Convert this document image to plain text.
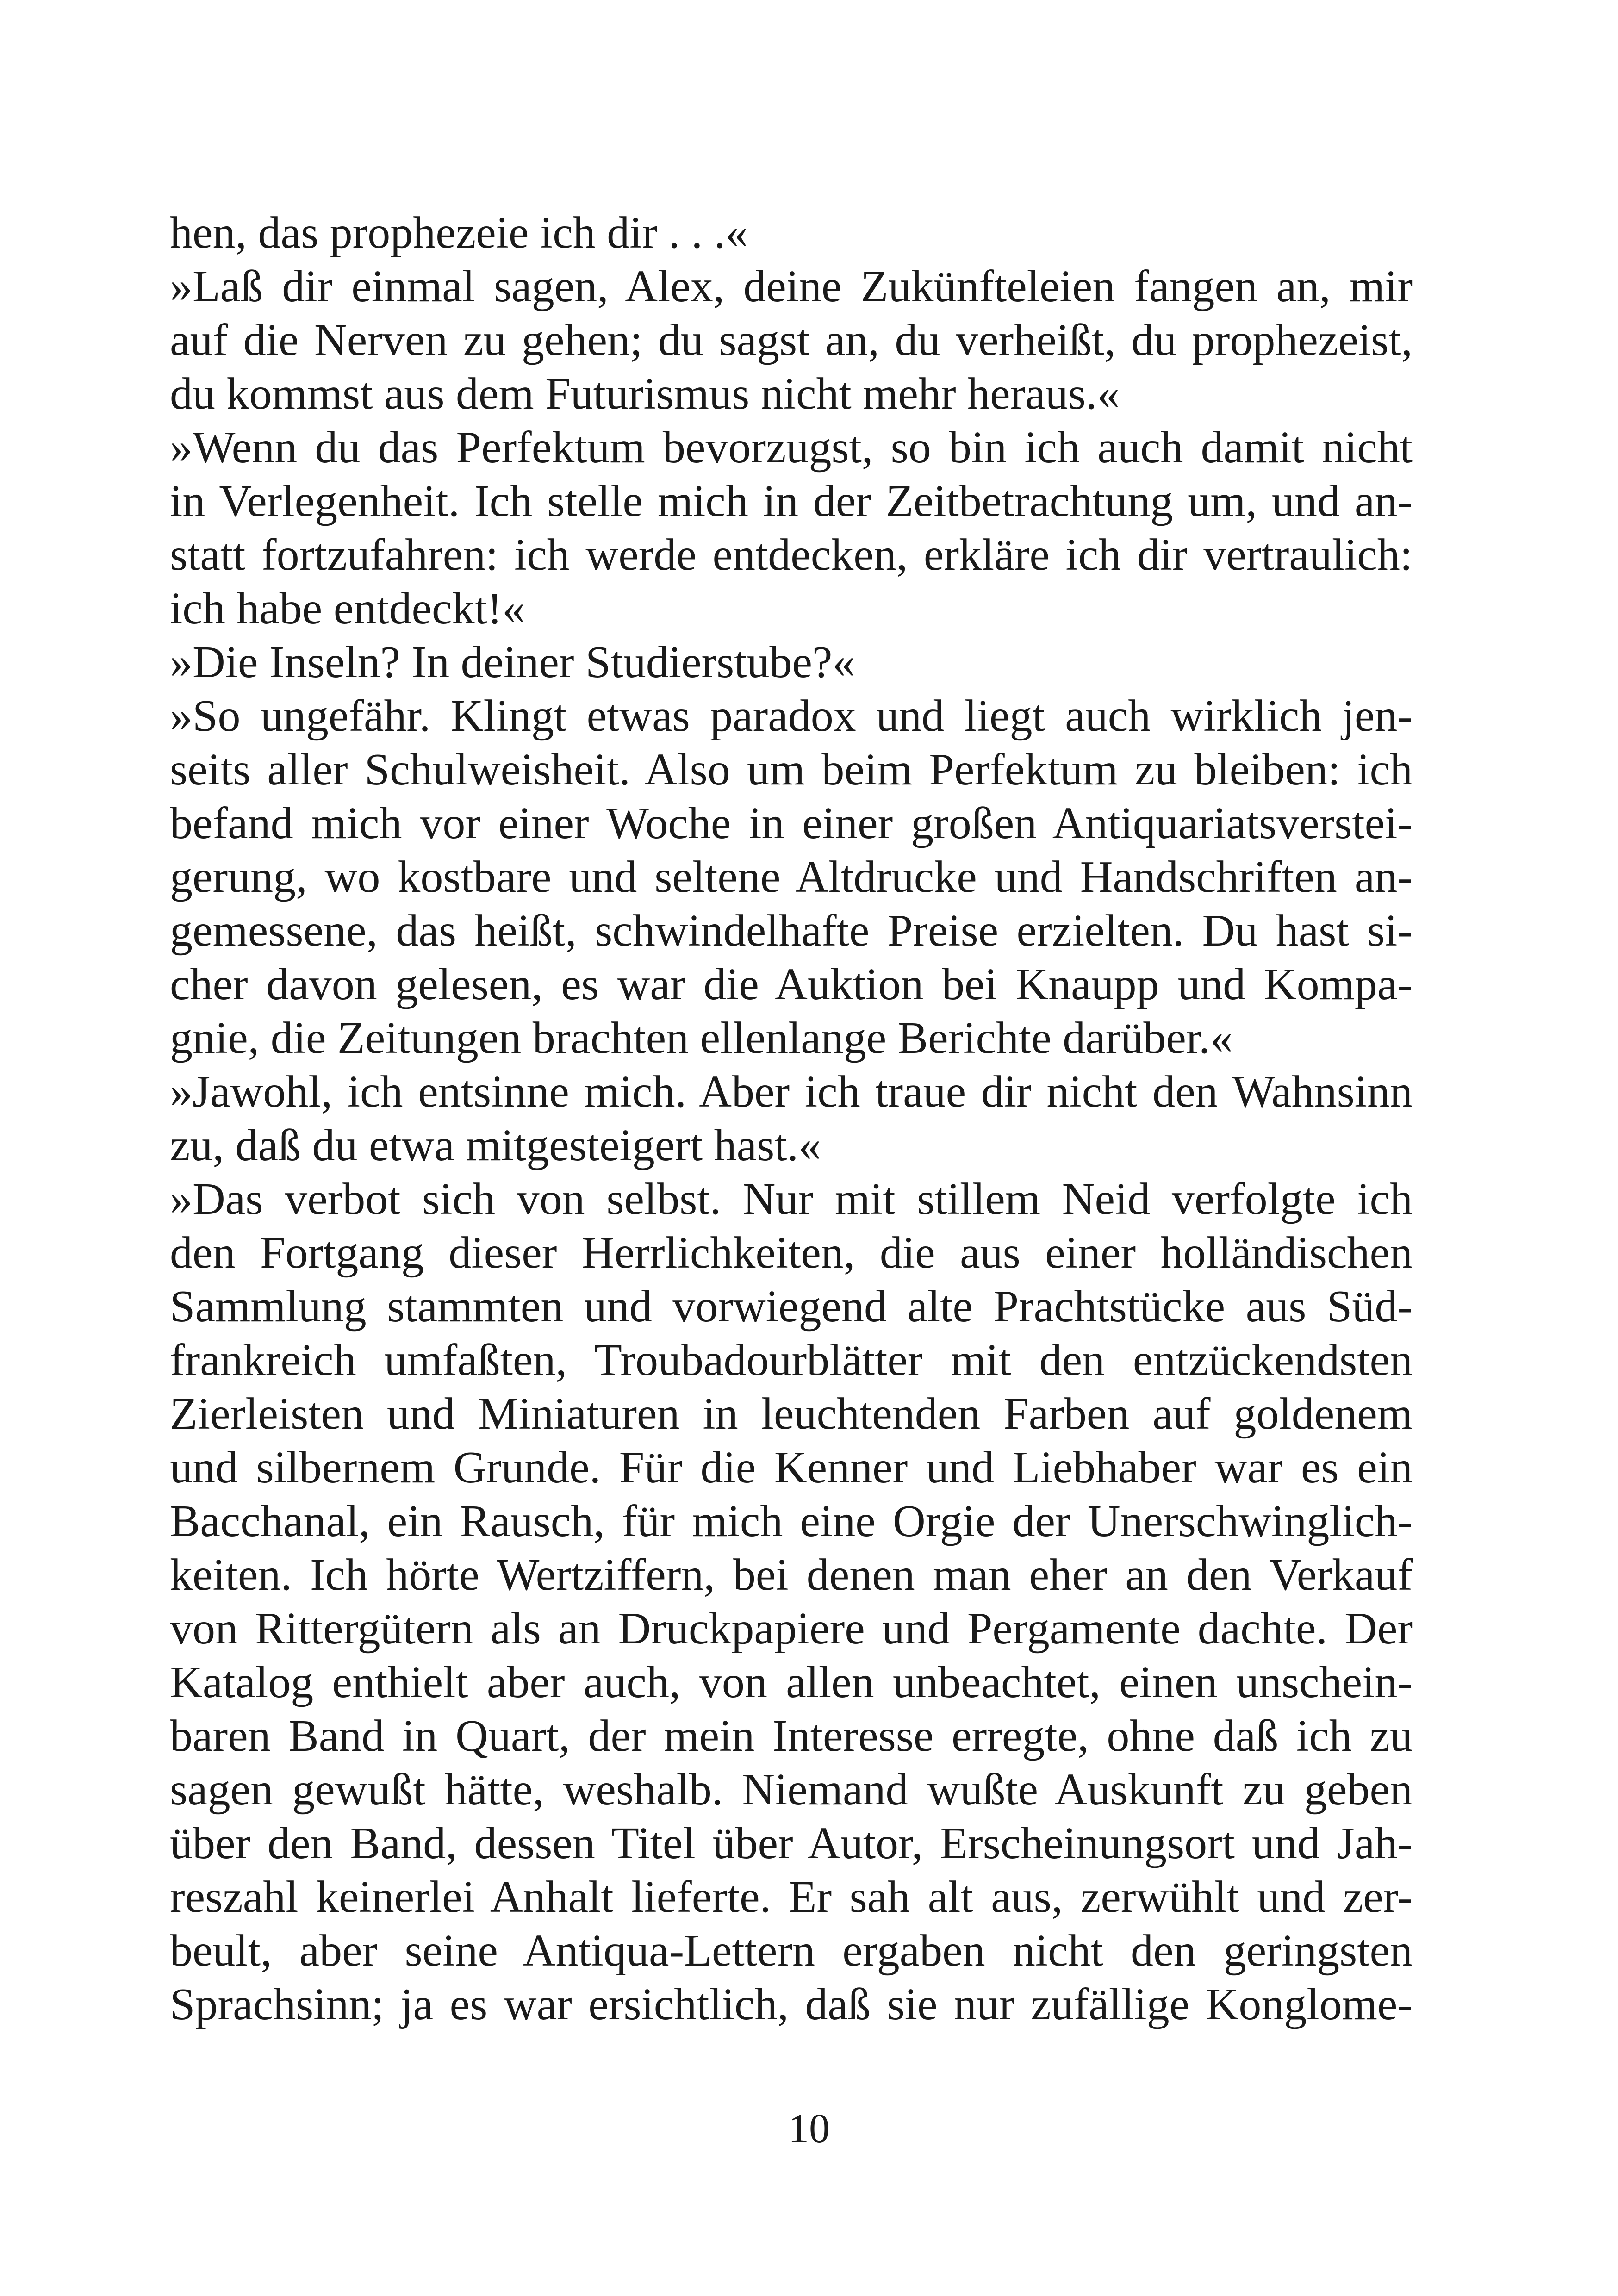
hen, das prophezeie ich dir . . .«
»Laß dir einmal sagen, Alex, deine Zukünfteleien fangen an, mir
auf die Nerven zu gehen; du sagst an, du verheißt, du prophezeist,
du kommst aus dem Futurismus nicht mehr heraus.«
»Wenn du das Perfektum bevorzugst, so bin ich auch damit nicht
in Verlegenheit. Ich stelle mich in der Zeitbetrachtung um, und an-
statt fortzufahren: ich werde entdecken, erkläre ich dir vertraulich:
ich habe entdeckt!«
»Die Inseln? In deiner Studierstube?«
»So ungefähr. Klingt etwas paradox und liegt auch wirklich jen-
seits aller Schulweisheit. Also um beim Perfektum zu bleiben: ich
befand mich vor einer Woche in einer großen Antiquariatsverstei-
gerung, wo kostbare und seltene Altdrucke und Handschriften an-
gemessene, das heißt, schwindelhafte Preise erzielten. Du hast si-
cher davon gelesen, es war die Auktion bei Knaupp und Kompa-
gnie, die Zeitungen brachten ellenlange Berichte darüber.«
»Jawohl, ich entsinne mich. Aber ich traue dir nicht den Wahnsinn
zu, daß du etwa mitgesteigert hast.«
»Das verbot sich von selbst. Nur mit stillem Neid verfolgte ich
den Fortgang dieser Herrlichkeiten, die aus einer holländischen
Sammlung stammten und vorwiegend alte Prachtstücke aus Süd-
frankreich umfaßten, Troubadourblätter mit den entzückendsten
Zierleisten und Miniaturen in leuchtenden Farben auf goldenem
und silbernem Grunde. Für die Kenner und Liebhaber war es ein
Bacchanal, ein Rausch, für mich eine Orgie der Unerschwinglich-
keiten. Ich hörte Wertziffern, bei denen man eher an den Verkauf
von Rittergütern als an Druckpapiere und Pergamente dachte. Der
Katalog enthielt aber auch, von allen unbeachtet, einen unschein-
baren Band in Quart, der mein Interesse erregte, ohne daß ich zu
sagen gewußt hätte, weshalb. Niemand wußte Auskunft zu geben
über den Band, dessen Titel über Autor, Erscheinungsort und Jah-
reszahl keinerlei Anhalt lieferte. Er sah alt aus, zerwühlt und zer-
beult, aber seine Antiqua-Lettern ergaben nicht den geringsten
Sprachsinn; ja es war ersichtlich, daß sie nur zufällige Konglome-
10
